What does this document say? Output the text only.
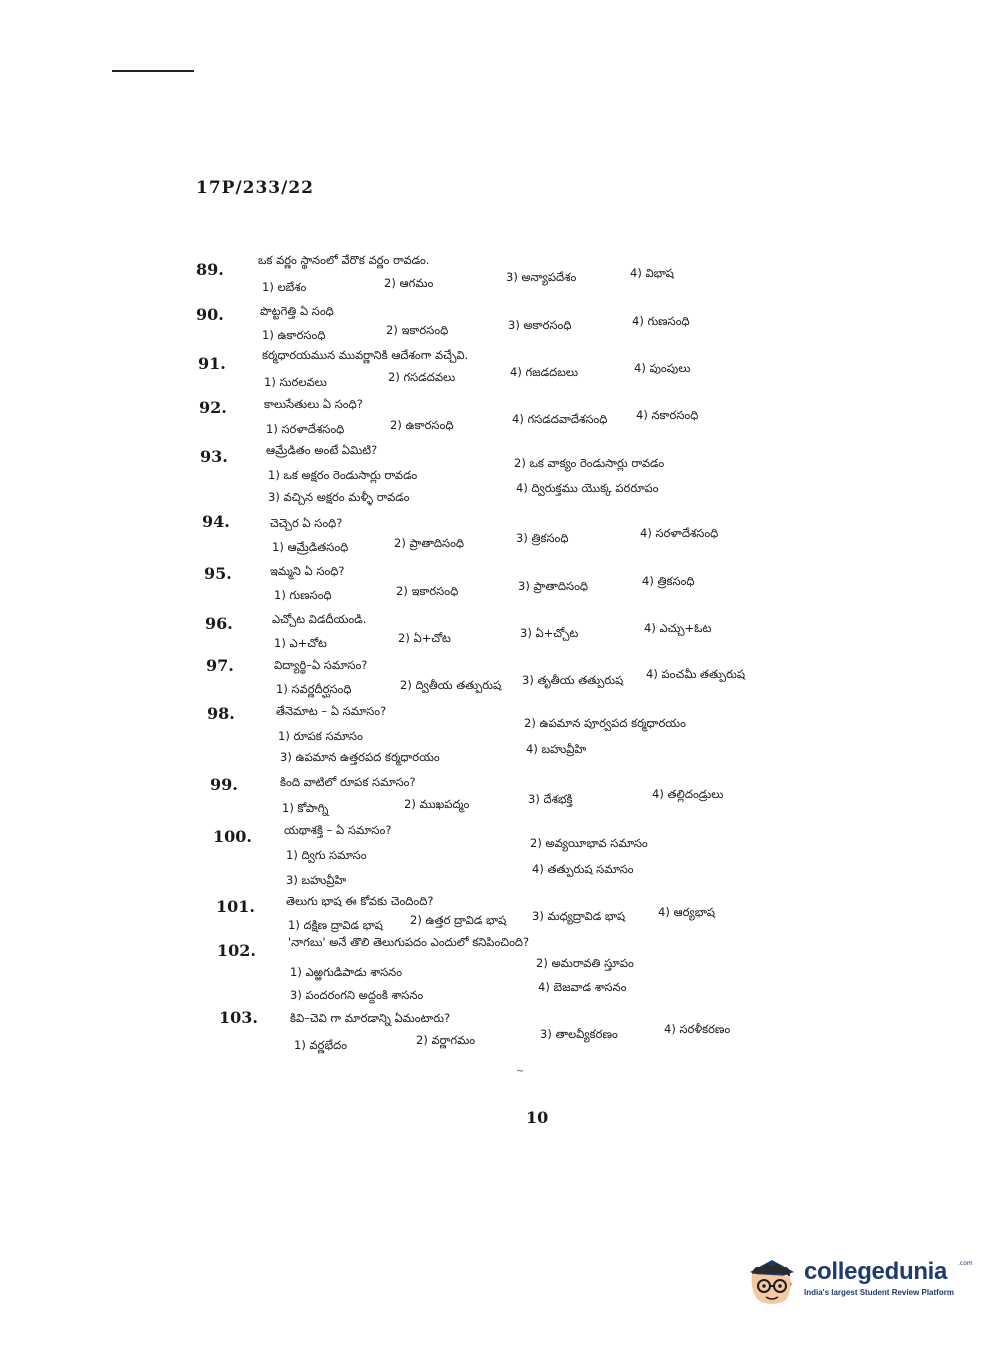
17P/233/22
89.	ఒక వర్ణం స్థానంలో వేరొక వర్ణం రావడం.
1) లబేశం	2) ఆగమం	3) అన్యాపదేశం	4) విభాష
90.	పొట్టగెత్తి ఏ సంధి
1) ఉకారసంధి	2) ఇకారసంధి	3) అకారసంధి	4) గుణసంధి
91.	కర్మధారయమున మువర్ణానికి ఆదేశంగా వచ్చేవి.
1) సురలవలు	2) గసడదవలు	4) గజడదబలు	4) పుంపులు
92.	కాలుసేతులు ఏ సంధి?
1) సరళాదేశసంధి	2) ఉకారసంధి	4) గసడదవాదేశసంధి 4) నకారసంధి
93.	ఆమ్రేడితం అంటే ఏమిటి?
1) ఒక అక్షరం రెండుసార్లు రావడం
2) ఒక వాక్యం రెండుసార్లు రావడం
3) వచ్చిన అక్షరం మళ్ళీ రావడం
4) ద్విరుక్తము యొక్క పరరూపం
94.	చెచ్చెర ఏ సంధి?
1) ఆమ్రేడితసంధి	2) ప్రాతాదిసంధి	3) త్రికసంధి	4) సరళాదేశసంధి
95.	ఇమ్మని ఏ సంధి?
1) గుణసంధి	2) ఇకారసంధి	3) ప్రాతాదిసంధి	4) త్రికసంధి
96.	ఎచ్చోట విడదీయండి.
1) ఎ+చోట	2) ఏ+చోట	3) ఏ+చ్చోట	4) ఎచ్చు+ఓట
97.	విద్యార్థి–ఏ సమాసం?
1) సవర్ణదీర్ఘసంధి	2) ద్వితీయ తత్పురుష 3) తృతీయ తత్పురుష 4) పంచమీ తత్పురుష
98.	తేనెమాట – ఏ సమాసం?
1) రూపక సమాసం
2) ఉపమాన పూర్వపద కర్మధారయం
3) ఉపమాన ఉత్తరపద కర్మధారయం
4) బహువ్రీహి
99.	కింది వాటిలో రూపక సమాసం?
1) కోపాగ్ని	2) ముఖపద్మం	3) దేశభక్తి	4) తల్లిదండ్రులు
100.	యథాశక్తి – ఏ సమాసం?
1) ద్విగు సమాసం
2) అవ్యయీభావ సమాసం
3) బహువ్రీహి
4) తత్పురుష సమాసం
101.	తెలుగు భాష ఈ కోవకు చెందింది?
1) దక్షిణ ద్రావిడ భాష 2) ఉత్తర ద్రావిడ భాష 3) మధ్యద్రావిడ భాష	4) ఆర్యభాష
102.	'నాగబు' అనే తొలి తెలుగుపదం ఎందులో కనిపించింది?
1) ఎఱ్ఱగుడిపాడు శాసనం
2) అమరావతి స్తూపం
3) పందరంగని అద్దంకి శాసనం
4) బెజవాడ శాసనం
103.	కివి–చెవి గా మారడాన్ని ఏమంటారు?
1) వర్ణభేదం	2) వర్ణాగమం	3) తాలవ్యీకరణం	4) సరళీకరణం
~
10
collegedunia .com
India's largest Student Review Platform
